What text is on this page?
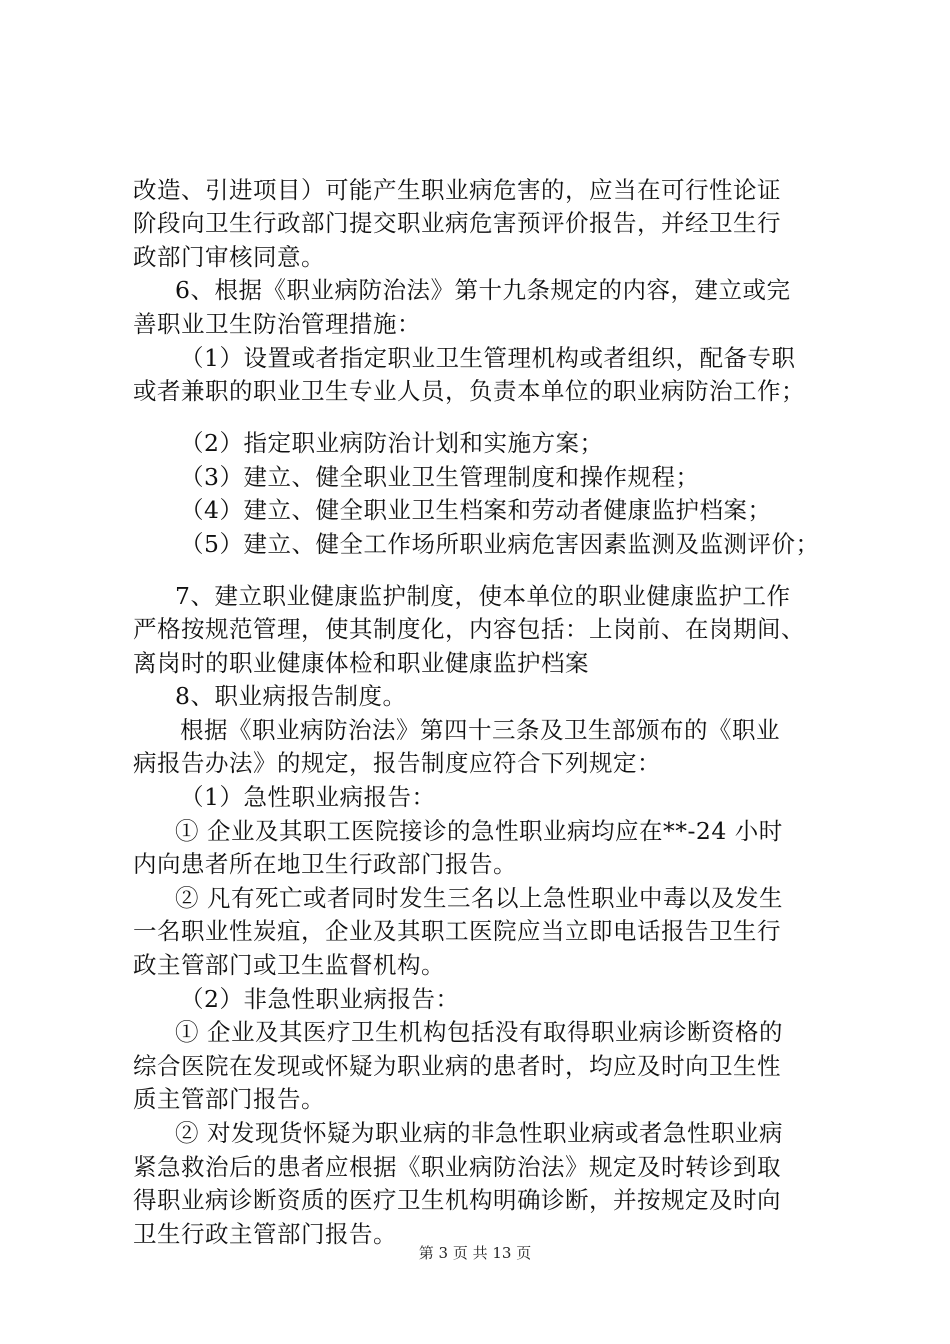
改造、引进项目）可能产生职业病危害的，应当在可行性论证
阶段向卫生行政部门提交职业病危害预评价报告，并经卫生行
政部门审核同意。
6、根据《职业病防治法》第十九条规定的内容，建立或完
善职业卫生防治管理措施：
（1）设置或者指定职业卫生管理机构或者组织，配备专职
或者兼职的职业卫生专业人员，负责本单位的职业病防治工作；
（2）指定职业病防治计划和实施方案；
（3）建立、健全职业卫生管理制度和操作规程；
（4）建立、健全职业卫生档案和劳动者健康监护档案；
（5）建立、健全工作场所职业病危害因素监测及监测评价；
7、建立职业健康监护制度，使本单位的职业健康监护工作
严格按规范管理，使其制度化，内容包括：上岗前、在岗期间、
离岗时的职业健康体检和职业健康监护档案
8、职业病报告制度。
根据《职业病防治法》第四十三条及卫生部颁布的《职业
病报告办法》的规定，报告制度应符合下列规定：
（1）急性职业病报告：
① 企业及其职工医院接诊的急性职业病均应在**-24 小时
内向患者所在地卫生行政部门报告。
② 凡有死亡或者同时发生三名以上急性职业中毒以及发生
一名职业性炭疽，企业及其职工医院应当立即电话报告卫生行
政主管部门或卫生监督机构。
（2）非急性职业病报告：
① 企业及其医疗卫生机构包括没有取得职业病诊断资格的
综合医院在发现或怀疑为职业病的患者时，均应及时向卫生性
质主管部门报告。
② 对发现货怀疑为职业病的非急性职业病或者急性职业病
紧急救治后的患者应根据《职业病防治法》规定及时转诊到取
得职业病诊断资质的医疗卫生机构明确诊断，并按规定及时向
卫生行政主管部门报告。
第 3 页 共 13 页
